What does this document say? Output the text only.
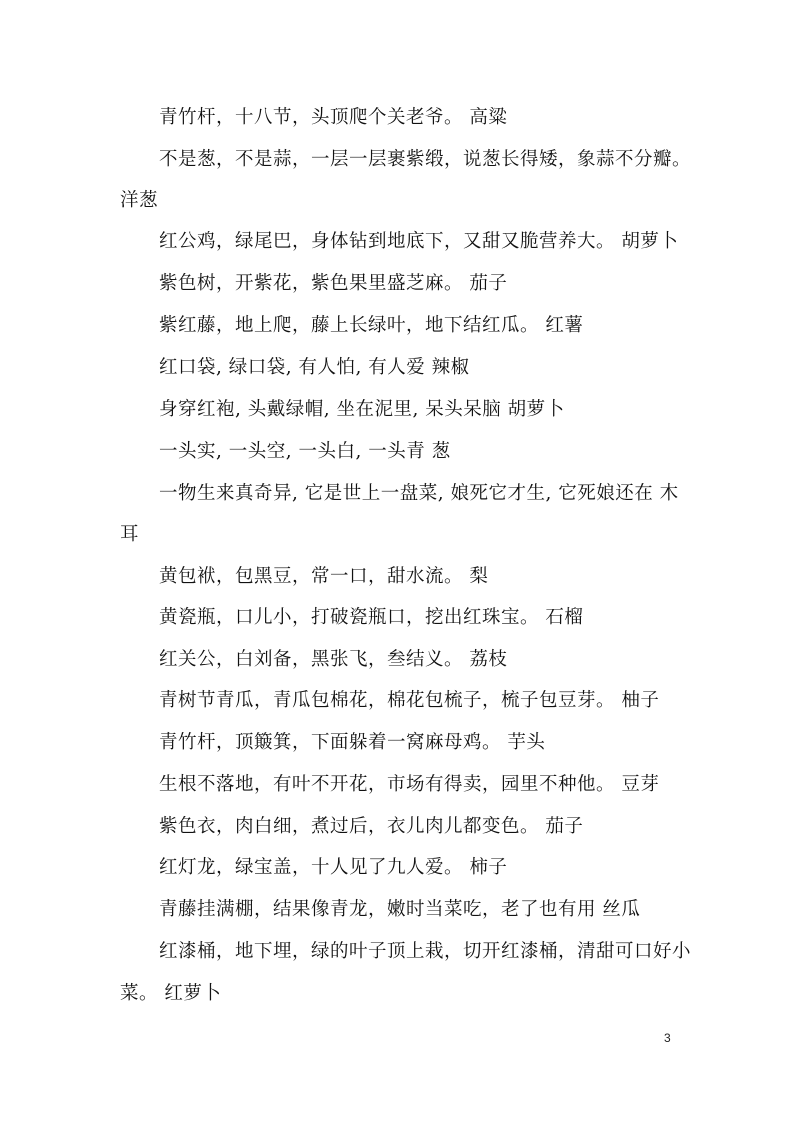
青竹杆，十八节，头顶爬个关老爷。 高粱
不是葱，不是蒜，一层一层裹紫缎，说葱长得矮，象蒜不分瓣。
洋葱
红公鸡，绿尾巴，身体钻到地底下，又甜又脆营养大。 胡萝卜
紫色树，开紫花，紫色果里盛芝麻。 茄子
紫红藤，地上爬，藤上长绿叶，地下结红瓜。 红薯
红口袋, 绿口袋, 有人怕, 有人爱 辣椒
身穿红袍, 头戴绿帽, 坐在泥里, 呆头呆脑 胡萝卜
一头实, 一头空, 一头白, 一头青 葱
一物生来真奇异, 它是世上一盘菜, 娘死它才生, 它死娘还在 木
耳
黄包袱，包黑豆，常一口，甜水流。 梨
黄瓷瓶，口儿小，打破瓷瓶口，挖出红珠宝。 石榴
红关公，白刘备，黑张飞，叁结义。 荔枝
青树节青瓜，青瓜包棉花，棉花包梳子，梳子包豆芽。 柚子
青竹杆，顶簸箕，下面躲着一窝麻母鸡。 芋头
生根不落地，有叶不开花，市场有得卖，园里不种他。 豆芽
紫色衣，肉白细，煮过后，衣儿肉儿都变色。 茄子
红灯龙，绿宝盖，十人见了九人爱。 柿子
青藤挂满棚，结果像青龙，嫩时当菜吃，老了也有用 丝瓜
红漆桶，地下埋，绿的叶子顶上栽，切开红漆桶，清甜可口好小
菜。 红萝卜
3
